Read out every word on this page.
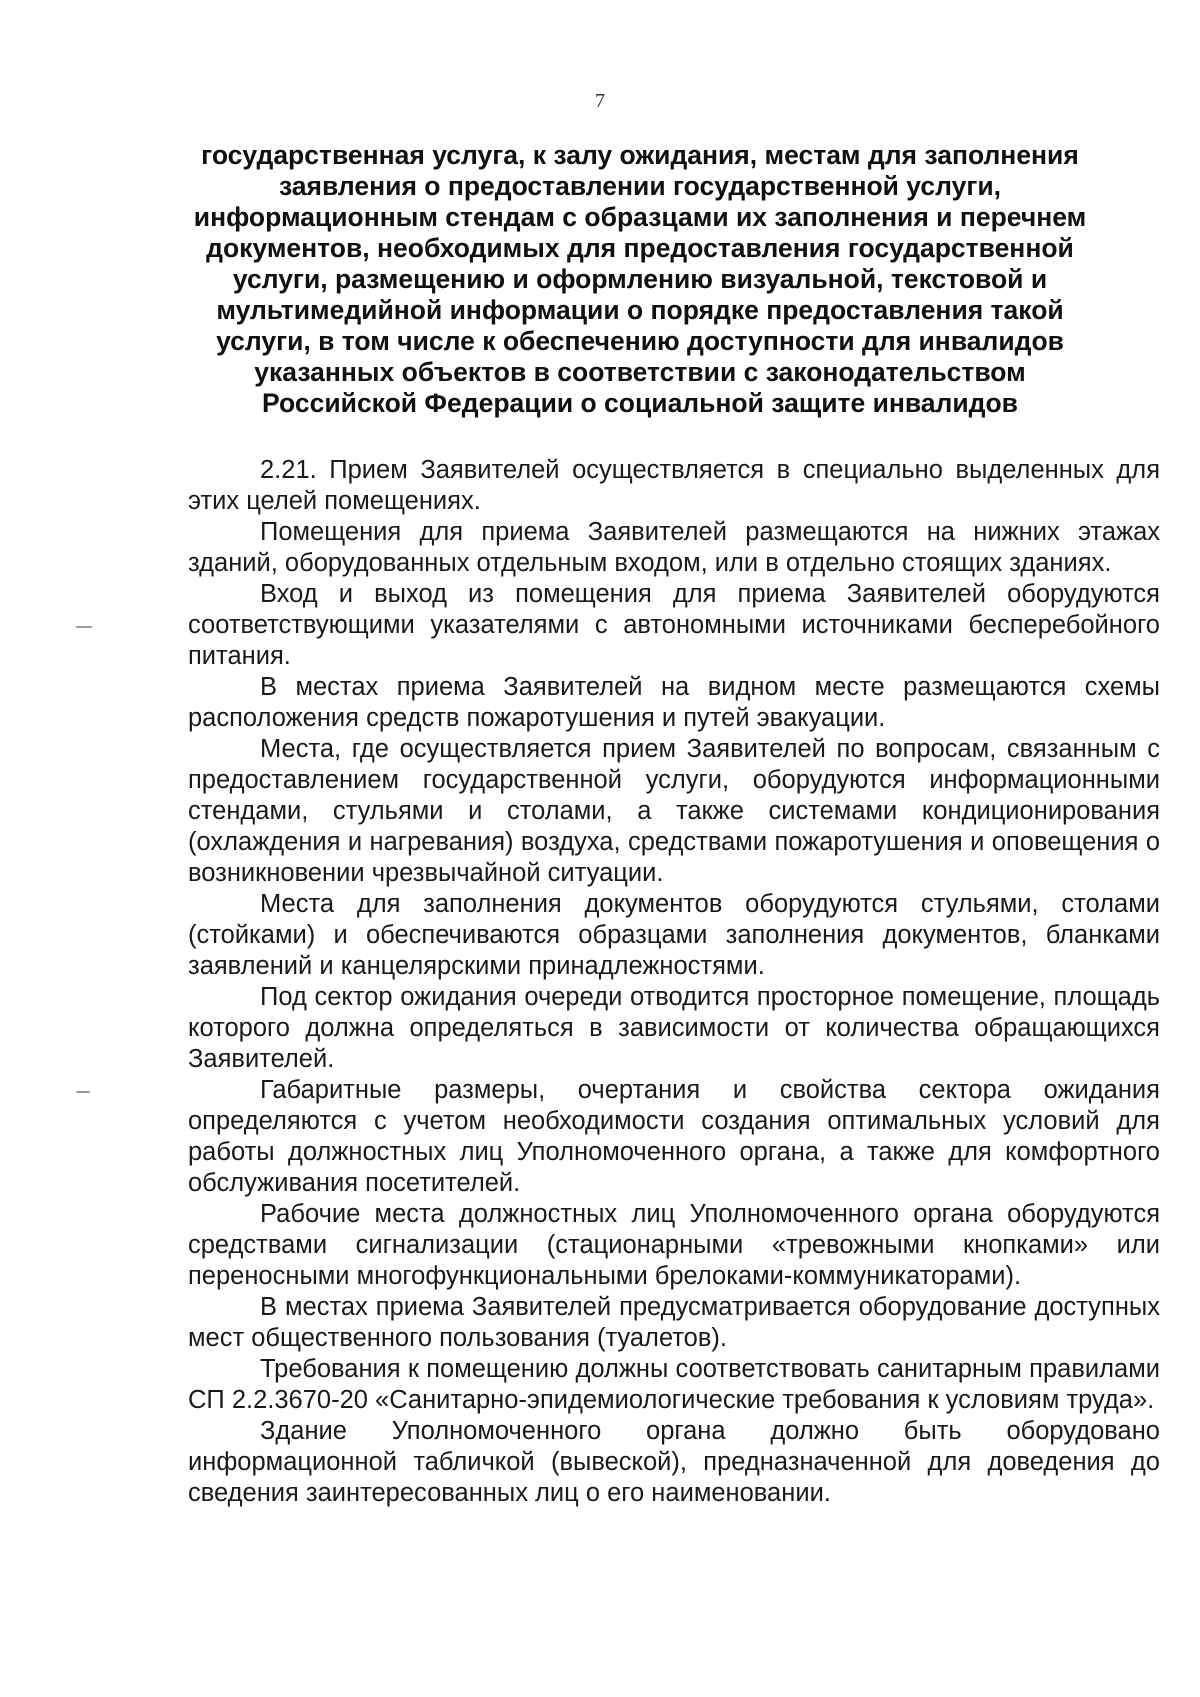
7
государственная услуга, к залу ожидания, местам для заполнения
заявления о предоставлении государственной услуги,
информационным стендам с образцами их заполнения и перечнем
документов, необходимых для предоставления государственной
услуги, размещению и оформлению визуальной, текстовой и
мультимедийной информации о порядке предоставления такой
услуги, в том числе к обеспечению доступности для инвалидов
указанных объектов в соответствии с законодательством
Российской Федерации о социальной защите инвалидов

2.21. Прием Заявителей осуществляется в специально выделенных для этих целей помещениях.

Помещения для приема Заявителей размещаются на нижних этажах зданий, оборудованных отдельным входом, или в отдельно стоящих зданиях.

Вход и выход из помещения для приема Заявителей оборудуются соответствующими указателями с автономными источниками бесперебойного питания.

В местах приема Заявителей на видном месте размещаются схемы расположения средств пожаротушения и путей эвакуации.

Места, где осуществляется прием Заявителей по вопросам, связанным с предоставлением государственной услуги, оборудуются информационными стендами, стульями и столами, а также системами кондиционирования (охлаждения и нагревания) воздуха, средствами пожаротушения и оповещения о возникновении чрезвычайной ситуации.

Места для заполнения документов оборудуются стульями, столами (стойками) и обеспечиваются образцами заполнения документов, бланками заявлений и канцелярскими принадлежностями.

Под сектор ожидания очереди отводится просторное помещение, площадь которого должна определяться в зависимости от количества обращающихся Заявителей.

Габаритные размеры, очертания и свойства сектора ожидания определяются с учетом необходимости создания оптимальных условий для работы должностных лиц Уполномоченного органа, а также для комфортного обслуживания посетителей.

Рабочие места должностных лиц Уполномоченного органа оборудуются средствами сигнализации (стационарными «тревожными кнопками» или переносными многофункциональными брелоками-коммуникаторами).

В местах приема Заявителей предусматривается оборудование доступных мест общественного пользования (туалетов).

Требования к помещению должны соответствовать санитарным правилами СП 2.2.3670-20 «Санитарно-эпидемиологические требования к условиям труда».

Здание Уполномоченного органа должно быть оборудовано информационной табличкой (вывеской), предназначенной для доведения до сведения заинтересованных лиц о его наименовании.
